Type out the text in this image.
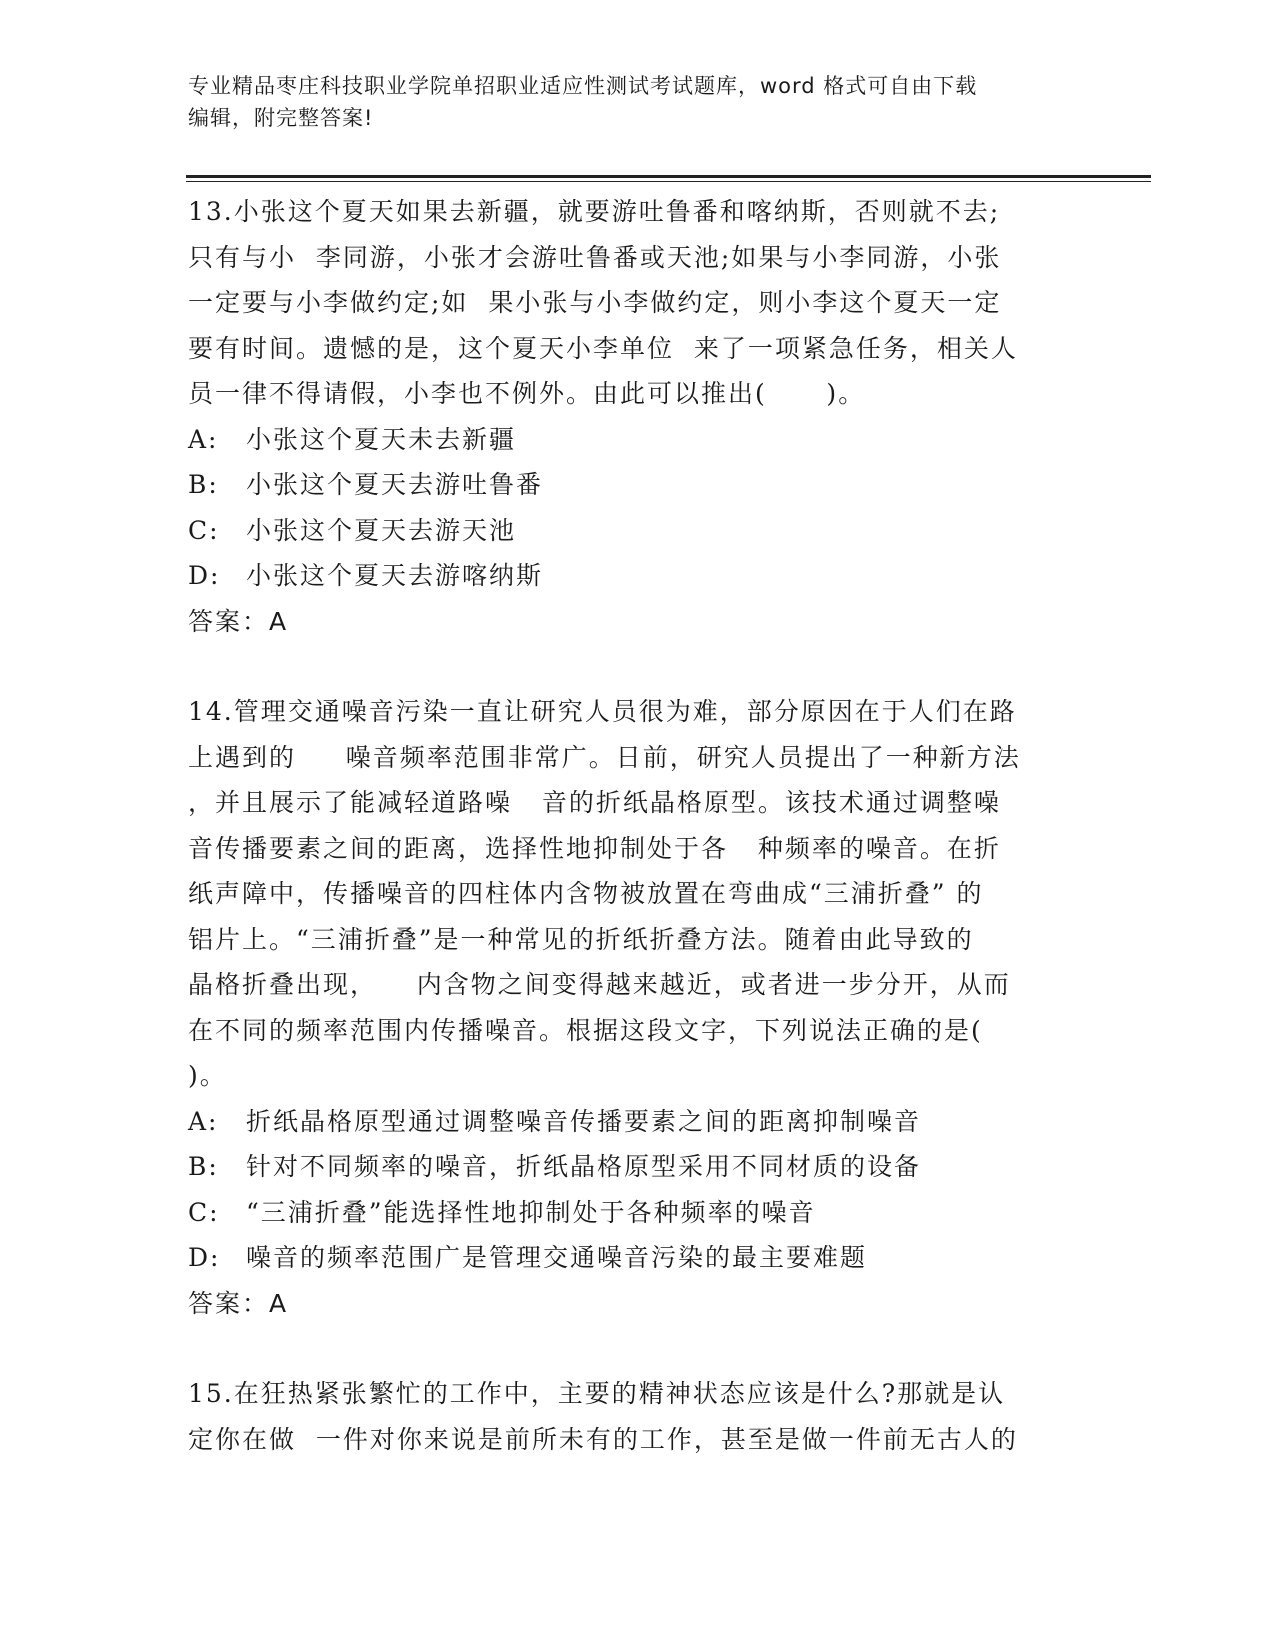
专业精品枣庄科技职业学院单招职业适应性测试考试题库，word 格式可自由下载
编辑，附完整答案!
13.小张这个夏天如果去新疆，就要游吐鲁番和喀纳斯，否则就不去;
只有与小  李同游，小张才会游吐鲁番或天池;如果与小李同游，小张
一定要与小李做约定;如  果小张与小李做约定，则小李这个夏天一定
要有时间。遗憾的是，这个夏天小李单位  来了一项紧急任务，相关人
员一律不得请假，小李也不例外。由此可以推出(      )。
A: 小张这个夏天未去新疆
B: 小张这个夏天去游吐鲁番
C: 小张这个夏天去游天池
D: 小张这个夏天去游喀纳斯
答案：A
14.管理交通噪音污染一直让研究人员很为难，部分原因在于人们在路
上遇到的     噪音频率范围非常广。日前，研究人员提出了一种新方法
，并且展示了能减轻道路噪   音的折纸晶格原型。该技术通过调整噪
音传播要素之间的距离，选择性地抑制处于各   种频率的噪音。在折
纸声障中，传播噪音的四柱体内含物被放置在弯曲成“三浦折叠” 的
铝片上。“三浦折叠”是一种常见的折纸折叠方法。随着由此导致的
晶格折叠出现，    内含物之间变得越来越近，或者进一步分开，从而
在不同的频率范围内传播噪音。根据这段文字，下列说法正确的是(
)。
A: 折纸晶格原型通过调整噪音传播要素之间的距离抑制噪音
B: 针对不同频率的噪音，折纸晶格原型采用不同材质的设备
C: “三浦折叠”能选择性地抑制处于各种频率的噪音
D: 噪音的频率范围广是管理交通噪音污染的最主要难题
答案：A
15.在狂热紧张繁忙的工作中，主要的精神状态应该是什么?那就是认
定你在做  一件对你来说是前所未有的工作，甚至是做一件前无古人的
